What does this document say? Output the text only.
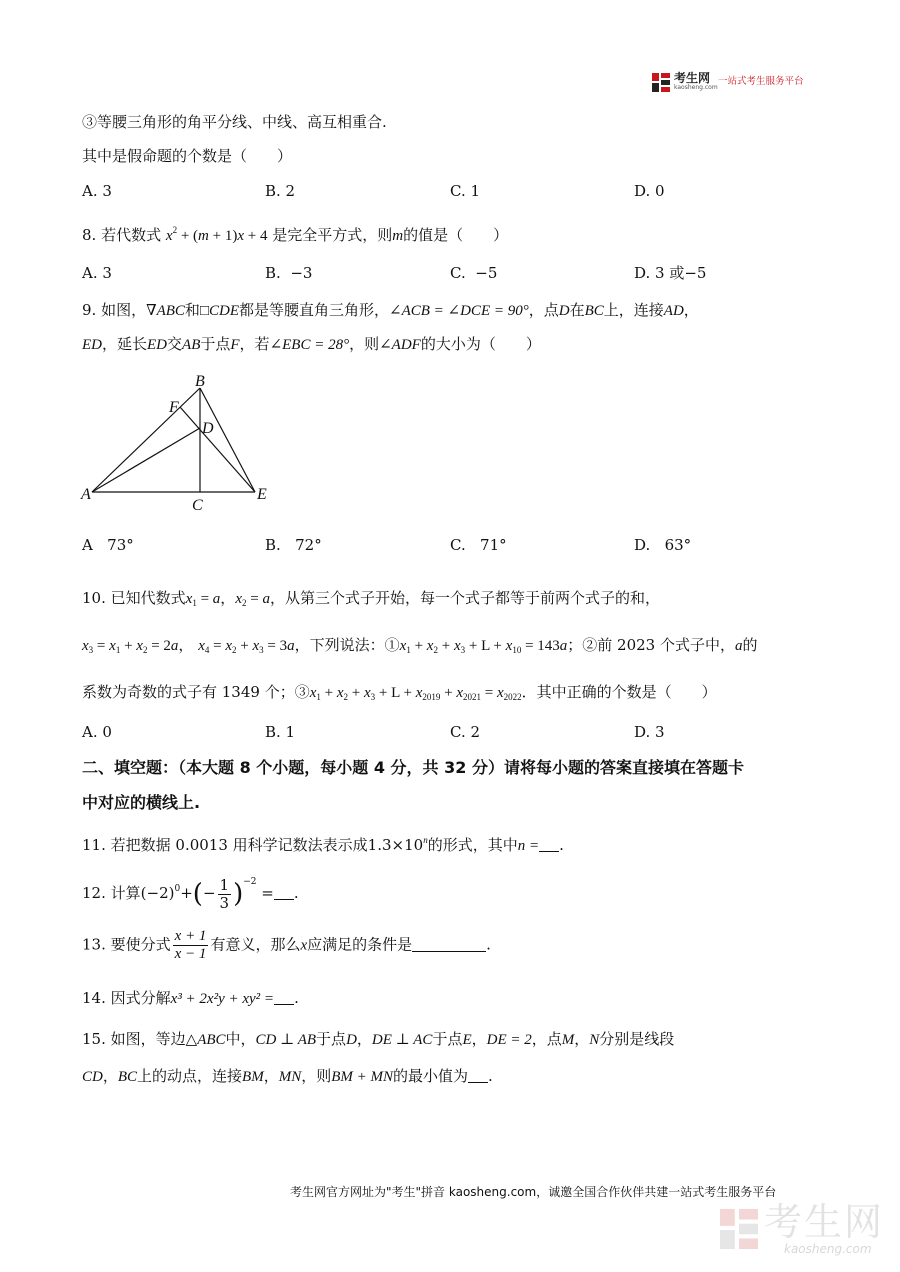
考生网
kaosheng.com
一站式考生服务平台
③等腰三角形的角平分线、中线、高互相重合.
其中是假命题的个数是（　　）
A. 3	B. 2	C. 1	D. 0
8. 若代数式 $x^2 + (m + 1)x + 4$ 是完全平方式，则m的值是（　　）
A. 3	B. −3	C. −5	D. 3 或−5
9. 如图，∇ABC和□CDE都是等腰直角三角形，∠ACB = ∠DCE = 90°，点D在BC上，连接AD，
ED，延长ED交AB于点F，若∠EBC = 28°，则∠ADF的大小为（　　）
B
F
D
A	E
C
A 73°	B. 72°	C. 71°	D. 63°
10. 已知代数式$x_1 = a$，$x_2 = a$，从第三个式子开始，每一个式子都等于前两个式子的和，
$x_3 = x_1 + x_2 = 2a$， $x_4 = x_2 + x_3 = 3a$，下列说法：$①x_1 + x_2 + x_3 + L + x_{10} = 143a$；②前 2023 个式子中，a的
系数为奇数的式子有 1349 个；$③x_1 + x_2 + x_3 + L + x_{2019} + x_{2021} = x_{2022}$．其中正确的个数是（　　）
A. 0	B. 1	C. 2	D. 3
二、填空题：（本大题 8 个小题，每小题 4 分，共 32 分）请将每小题的答案直接填在答题卡
中对应的横线上.
11. 若把数据 0.0013 用科学记数法表示成$1.3\times 10^n$的形式，其中n = .
12. 计算$(-2)^0+(- \frac{1}{3} )^{-2}$ = .
13. 要使分式 $\frac{x + 1}{x - 1}$ 有意义，那么x应满足的条件是	.
14. 因式分解x³ + 2x²y + xy² = .
15. 如图，等边△ABC中，CD ⊥ AB于点D，DE ⊥ AC于点E，DE = 2，点M，N分别是线段
CD，BC上的动点，连接BM，MN，则BM + MN的最小值为 .
考生网官方网址为"考生"拼音 kaosheng.com，诚邀全国合作伙伴共建一站式考生服务平台
考生网
kaosheng.com
